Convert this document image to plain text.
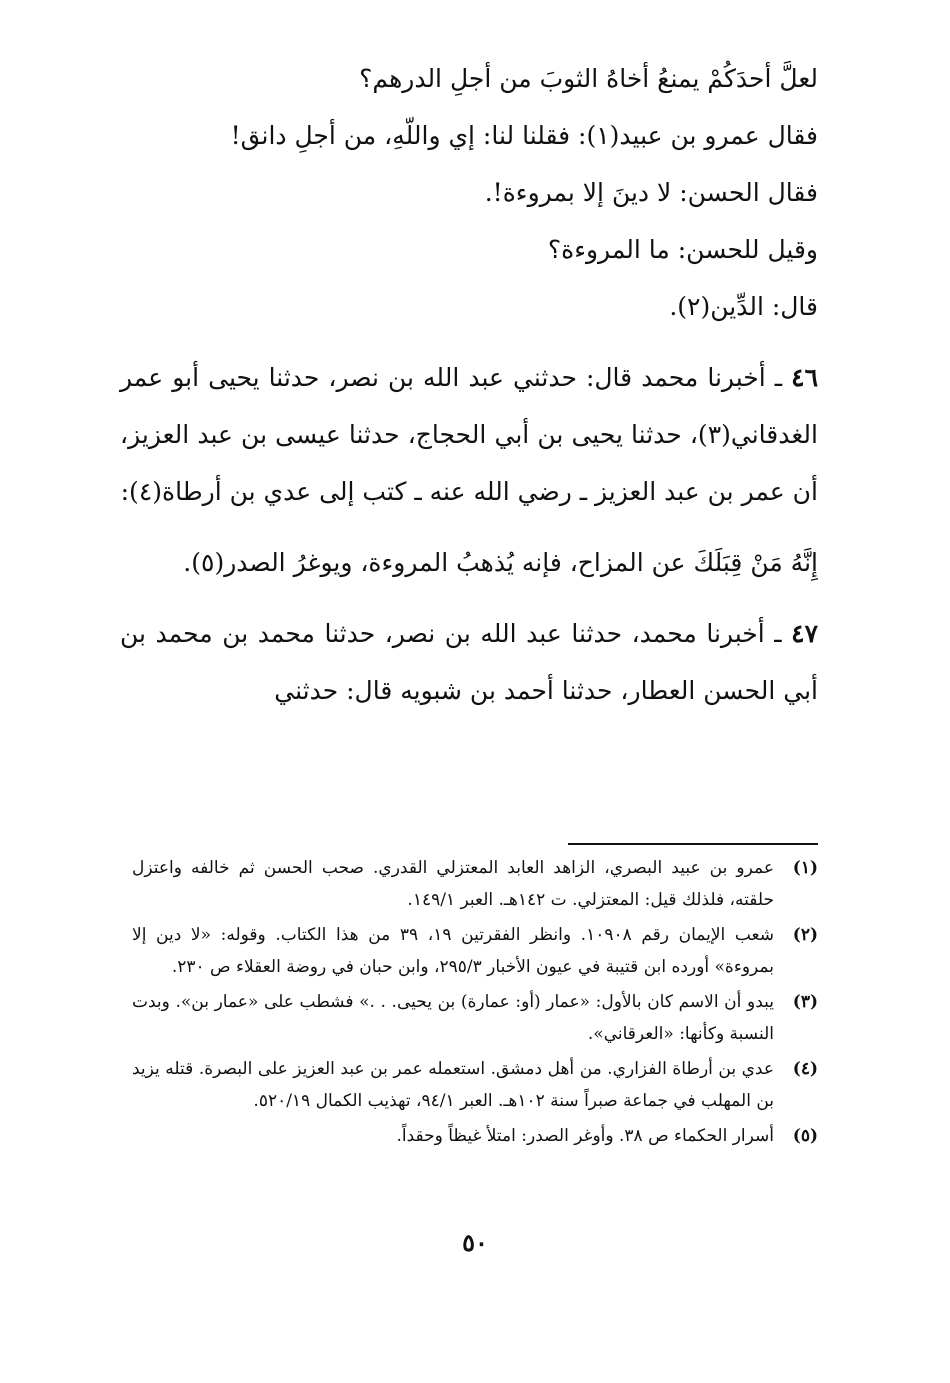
لعلَّ أحدَكُمْ يمنعُ أخاهُ الثوبَ من أجلِ الدرهم؟

فقال عمرو بن عبيد(١): فقلنا لنا: إي واللّهِ، من أجلِ دانق!

فقال الحسن: لا دينَ إلا بمروءة!.

وقيل للحسن: ما المروءة؟

قال: الدِّين(٢).

٤٦ ـ أخبرنا محمد قال: حدثني عبد الله بن نصر، حدثنا يحيى أبو عمر الغدقاني(٣)، حدثنا يحيى بن أبي الحجاج، حدثنا عيسى بن عبد العزيز، أن عمر بن عبد العزيز ـ رضي الله عنه ـ كتب إلى عدي بن أرطاة(٤):

إِنَّهُ مَنْ قِبَلَكَ عن المزاح، فإنه يُذهبُ المروءة، ويوغرُ الصدر(٥).

٤٧ ـ أخبرنا محمد، حدثنا عبد الله بن نصر، حدثنا محمد بن محمد بن أبي الحسن العطار، حدثنا أحمد بن شبويه قال: حدثني

(١)
عمرو بن عبيد البصري، الزاهد العابد المعتزلي القدري. صحب الحسن ثم خالفه واعتزل حلقته، فلذلك قيل: المعتزلي. ت ١٤٢هـ. العبر ١٤٩/١.
(٢)
شعب الإيمان رقم ١٠٩٠٨. وانظر الفقرتين ١٩، ٣٩ من هذا الكتاب. وقوله: «لا دين إلا بمروءة» أورده ابن قتيبة في عيون الأخبار ٢٩٥/٣، وابن حبان في روضة العقلاء ص ٢٣٠.
(٣)
يبدو أن الاسم كان بالأول: «عمار (أو: عمارة) بن يحيى. . .» فشطب على «عمار بن». وبدت النسبة وكأنها: «العرقاني».
(٤)
عدي بن أرطاة الفزاري. من أهل دمشق. استعمله عمر بن عبد العزيز على البصرة. قتله يزيد بن المهلب في جماعة صبراً سنة ١٠٢هـ. العبر ٩٤/١، تهذيب الكمال ٥٢٠/١٩.
(٥)
أسرار الحكماء ص ٣٨. وأوغر الصدر: امتلأ غيظاً وحقداً.
٥٠
